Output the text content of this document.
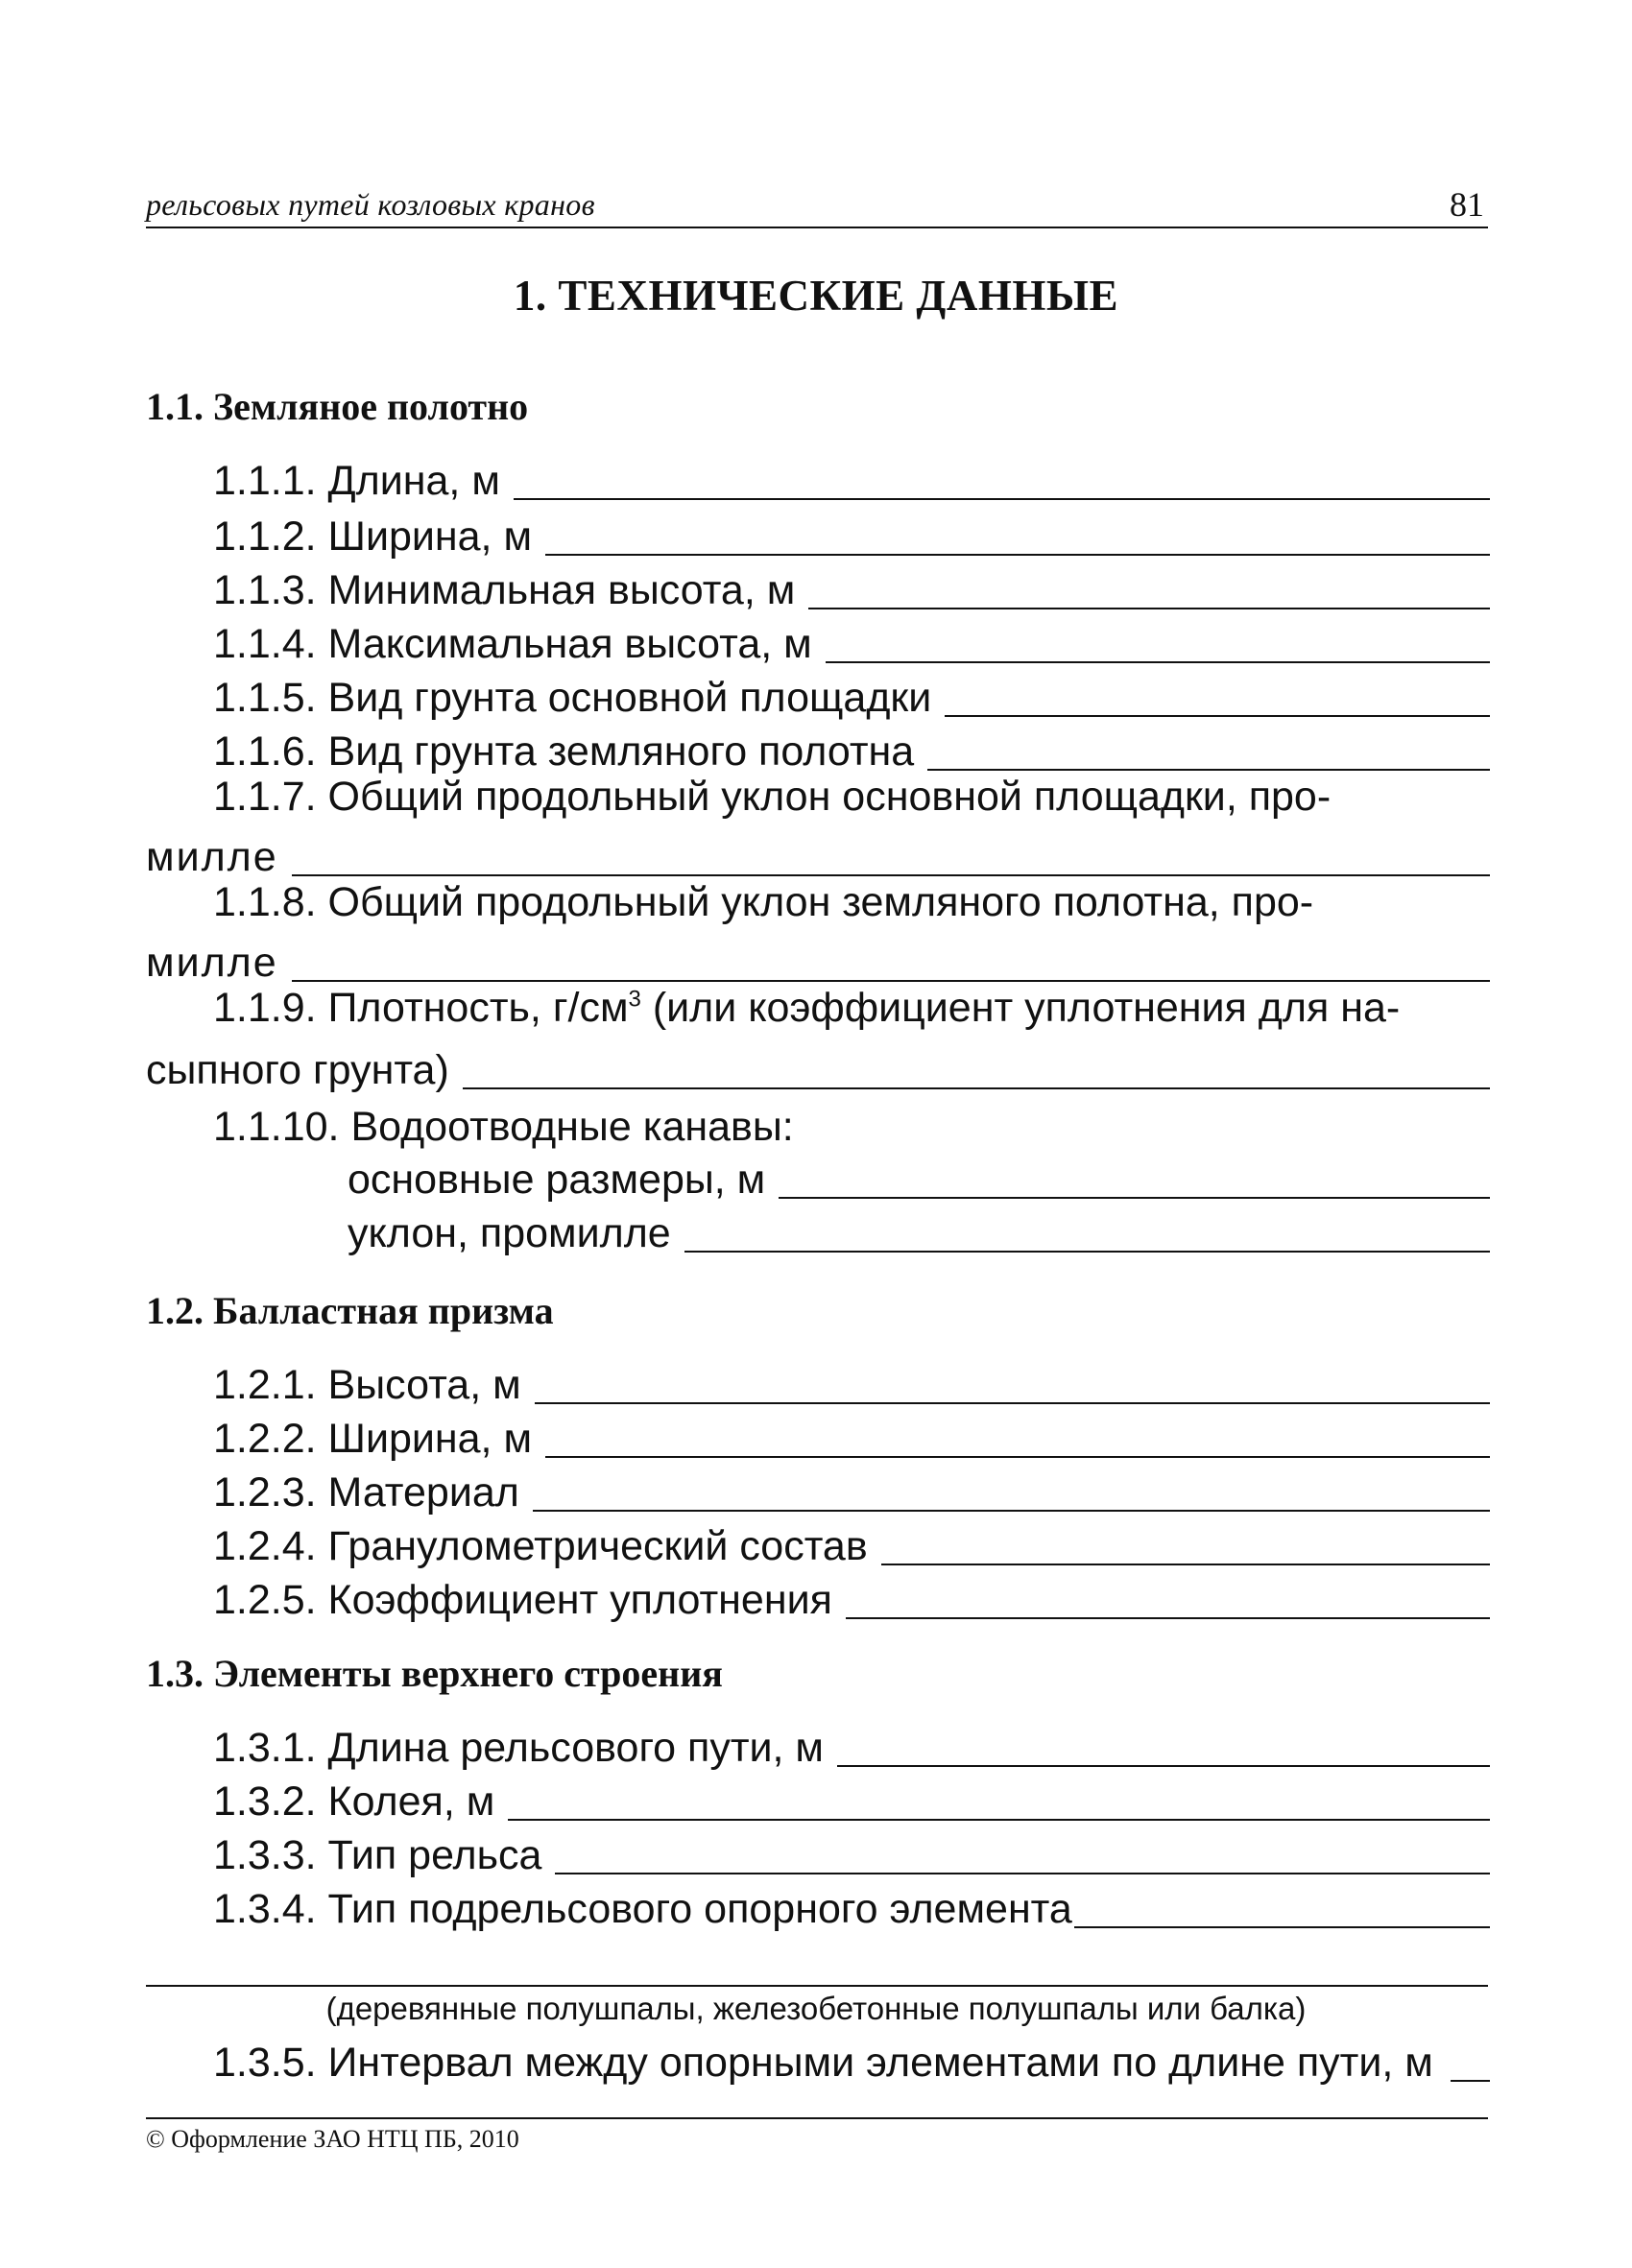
рельсовых путей козловых кранов	81
1. ТЕХНИЧЕСКИЕ ДАННЫЕ
1.1. Земляное полотно
1.1.1. Длина, м
1.1.2. Ширина, м
1.1.3. Минимальная высота, м
1.1.4. Максимальная высота, м
1.1.5. Вид грунта основной площадки
1.1.6. Вид грунта земляного полотна
1.1.7. Общий продольный уклон основной площадки, про-
милле
1.1.8. Общий продольный уклон земляного полотна, про-
милле
1.1.9. Плотность, $г/см^3$ (или коэффициент уплотнения для на-
сыпного грунта)
1.1.10. Водоотводные канавы:
основные размеры, м
уклон, промилле
1.2. Балластная призма
1.2.1. Высота, м
1.2.2. Ширина, м
1.2.3. Материал
1.2.4. Гранулометрический состав
1.2.5. Коэффициент уплотнения
1.3. Элементы верхнего строения
1.3.1. Длина рельсового пути, м
1.3.2. Колея, м
1.3.3. Тип рельса
1.3.4. Тип подрельсового опорного элемента
(деревянные полушпалы, железобетонные полушпалы или балка)
1.3.5. Интервал между опорными элементами по длине пути, м
© Оформление ЗАО НТЦ ПБ, 2010
